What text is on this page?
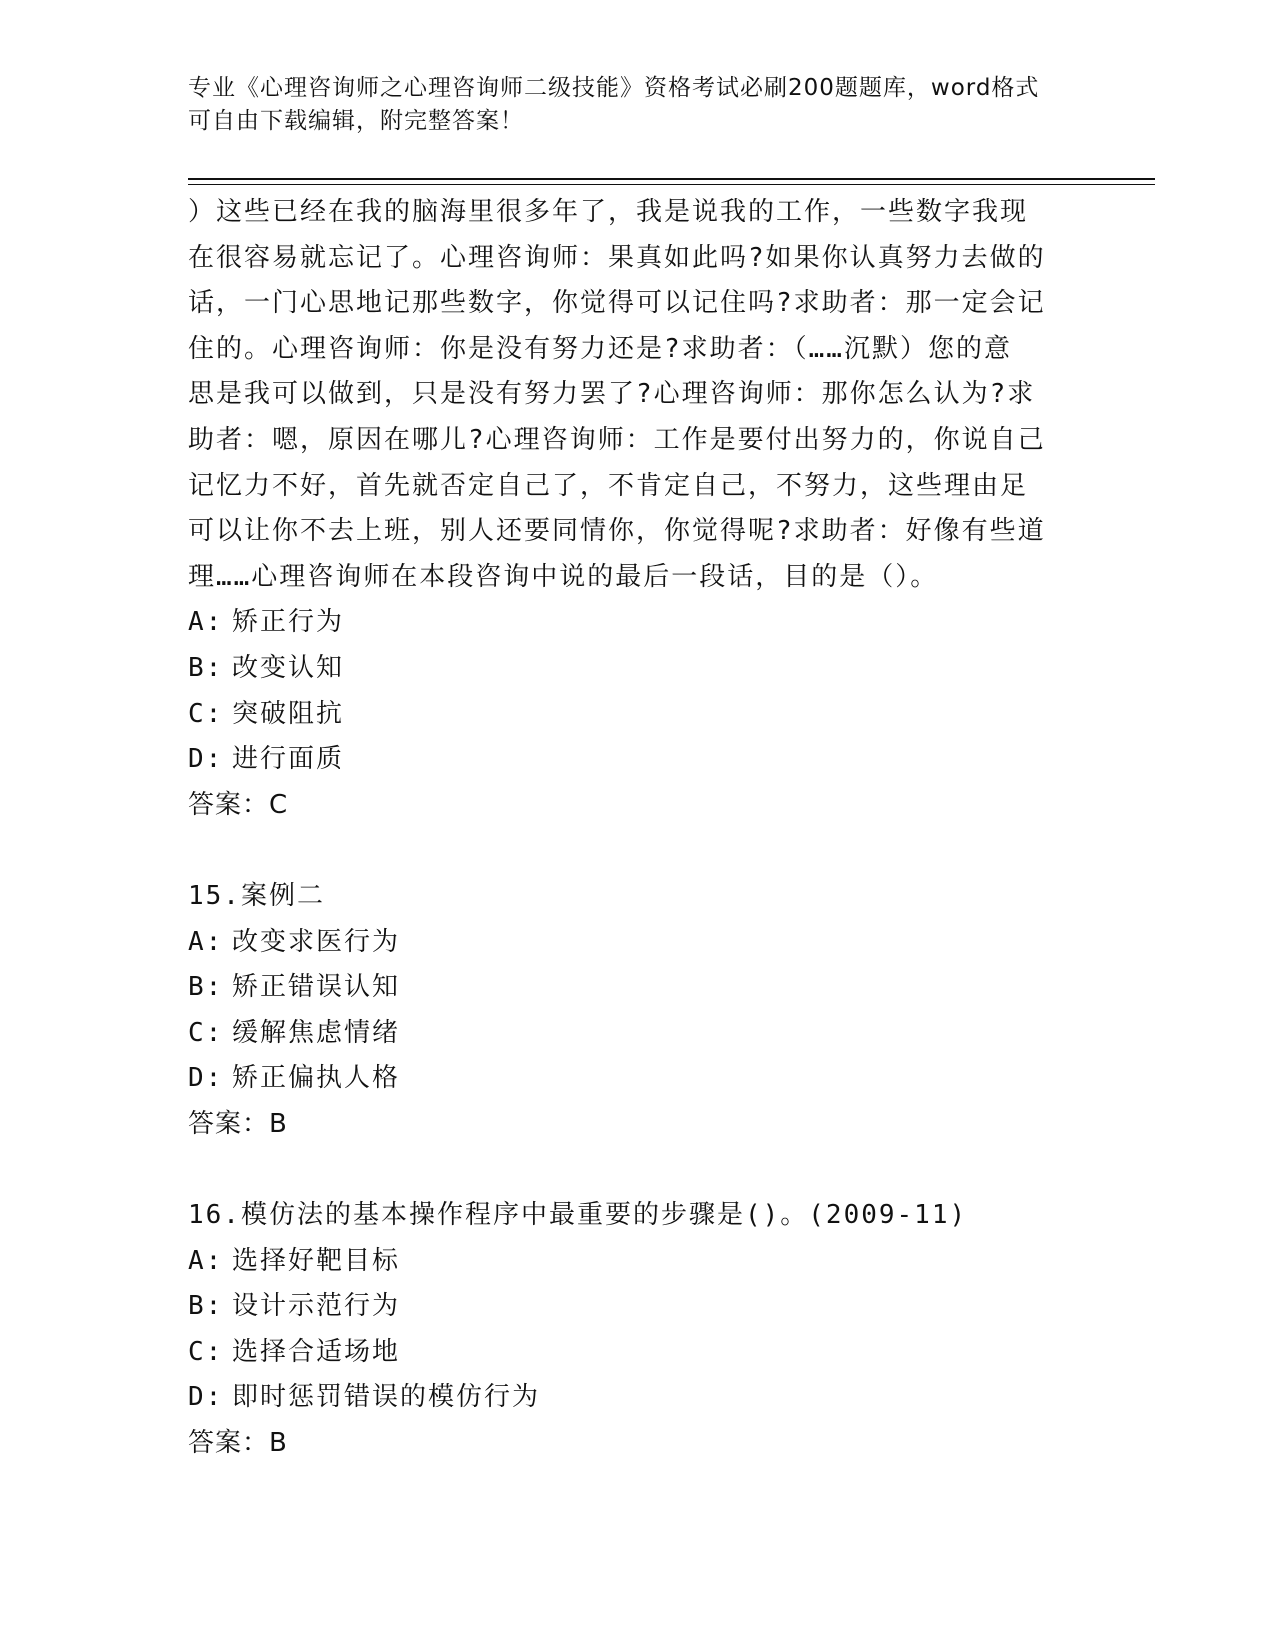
专业《心理咨询师之心理咨询师二级技能》资格考试必刷200题题库，word格式
可自由下载编辑，附完整答案！
）这些已经在我的脑海里很多年了，我是说我的工作，一些数字我现
在很容易就忘记了。心理咨询师：果真如此吗?如果你认真努力去做的
话，一门心思地记那些数字，你觉得可以记住吗?求助者：那一定会记
住的。心理咨询师：你是没有努力还是?求助者：（……沉默）您的意
思是我可以做到，只是没有努力罢了?心理咨询师：那你怎么认为?求
助者：嗯，原因在哪儿?心理咨询师：工作是要付出努力的，你说自己
记忆力不好，首先就否定自己了，不肯定自己，不努力，这些理由足
可以让你不去上班，别人还要同情你，你觉得呢?求助者：好像有些道
理……心理咨询师在本段咨询中说的最后一段话，目的是（）。
A: 矫正行为
B: 改变认知
C: 突破阻抗
D: 进行面质
答案：C
15.案例二
A: 改变求医行为
B: 矫正错误认知
C: 缓解焦虑情绪
D: 矫正偏执人格
答案：B
16.模仿法的基本操作程序中最重要的步骤是()。(2009-11)
A: 选择好靶目标
B: 设计示范行为
C: 选择合适场地
D: 即时惩罚错误的模仿行为
答案：B
